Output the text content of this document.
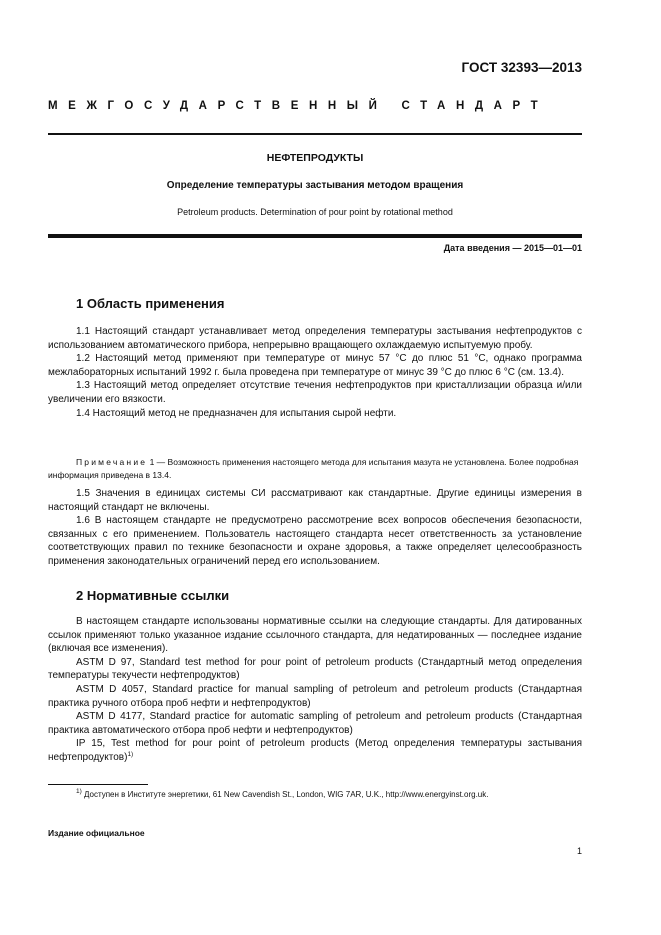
ГОСТ 32393—2013
МЕЖГОСУДАРСТВЕННЫЙ СТАНДАРТ
НЕФТЕПРОДУКТЫ
Определение температуры застывания методом вращения
Petroleum products. Determination of pour point by rotational method
Дата введения — 2015—01—01
1 Область применения

1.1 Настоящий стандарт устанавливает метод определения температуры застывания нефтепродуктов с использованием автоматического прибора, непрерывно вращающего охлаждаемую испытуемую пробу.

1.2 Настоящий метод применяют при температуре от минус 57 °С до плюс 51 °С, однако программа межлабораторных испытаний 1992 г. была проведена при температуре от минус 39 °С до плюс 6 °С (см. 13.4).

1.3 Настоящий метод определяет отсутствие течения нефтепродуктов при кристаллизации образца и/или увеличении его вязкости.

1.4 Настоящий метод не предназначен для испытания сырой нефти.

Примечание 1 — Возможность применения настоящего метода для испытания мазута не установлена. Более подробная информация приведена в 13.4.

1.5 Значения в единицах системы СИ рассматривают как стандартные. Другие единицы измерения в настоящий стандарт не включены.

1.6 В настоящем стандарте не предусмотрено рассмотрение всех вопросов обеспечения безопасности, связанных с его применением. Пользователь настоящего стандарта несет ответственность за установление соответствующих правил по технике безопасности и охране здоровья, а также определяет целесообразность применения законодательных ограничений перед его использованием.

2 Нормативные ссылки

В настоящем стандарте использованы нормативные ссылки на следующие стандарты. Для датированных ссылок применяют только указанное издание ссылочного стандарта, для недатированных — последнее издание (включая все изменения).

ASTM D 97, Standard test method for pour point of petroleum products (Стандартный метод определения температуры текучести нефтепродуктов)

ASTM D 4057, Standard practice for manual sampling of petroleum and petroleum products (Стандартная практика ручного отбора проб нефти и нефтепродуктов)

ASTM D 4177, Standard practice for automatic sampling of petroleum and petroleum products (Стандартная практика автоматического отбора проб нефти и нефтепродуктов)

IP 15, Test method for pour point of petroleum products (Метод определения температуры застывания нефтепродуктов)$^{1)}$

$^{1)}$ Доступен в Институте энергетики, 61 New Cavendish St., London, WIG 7AR, U.K., http://www.energyinst.org.uk.
Издание официальное
1
